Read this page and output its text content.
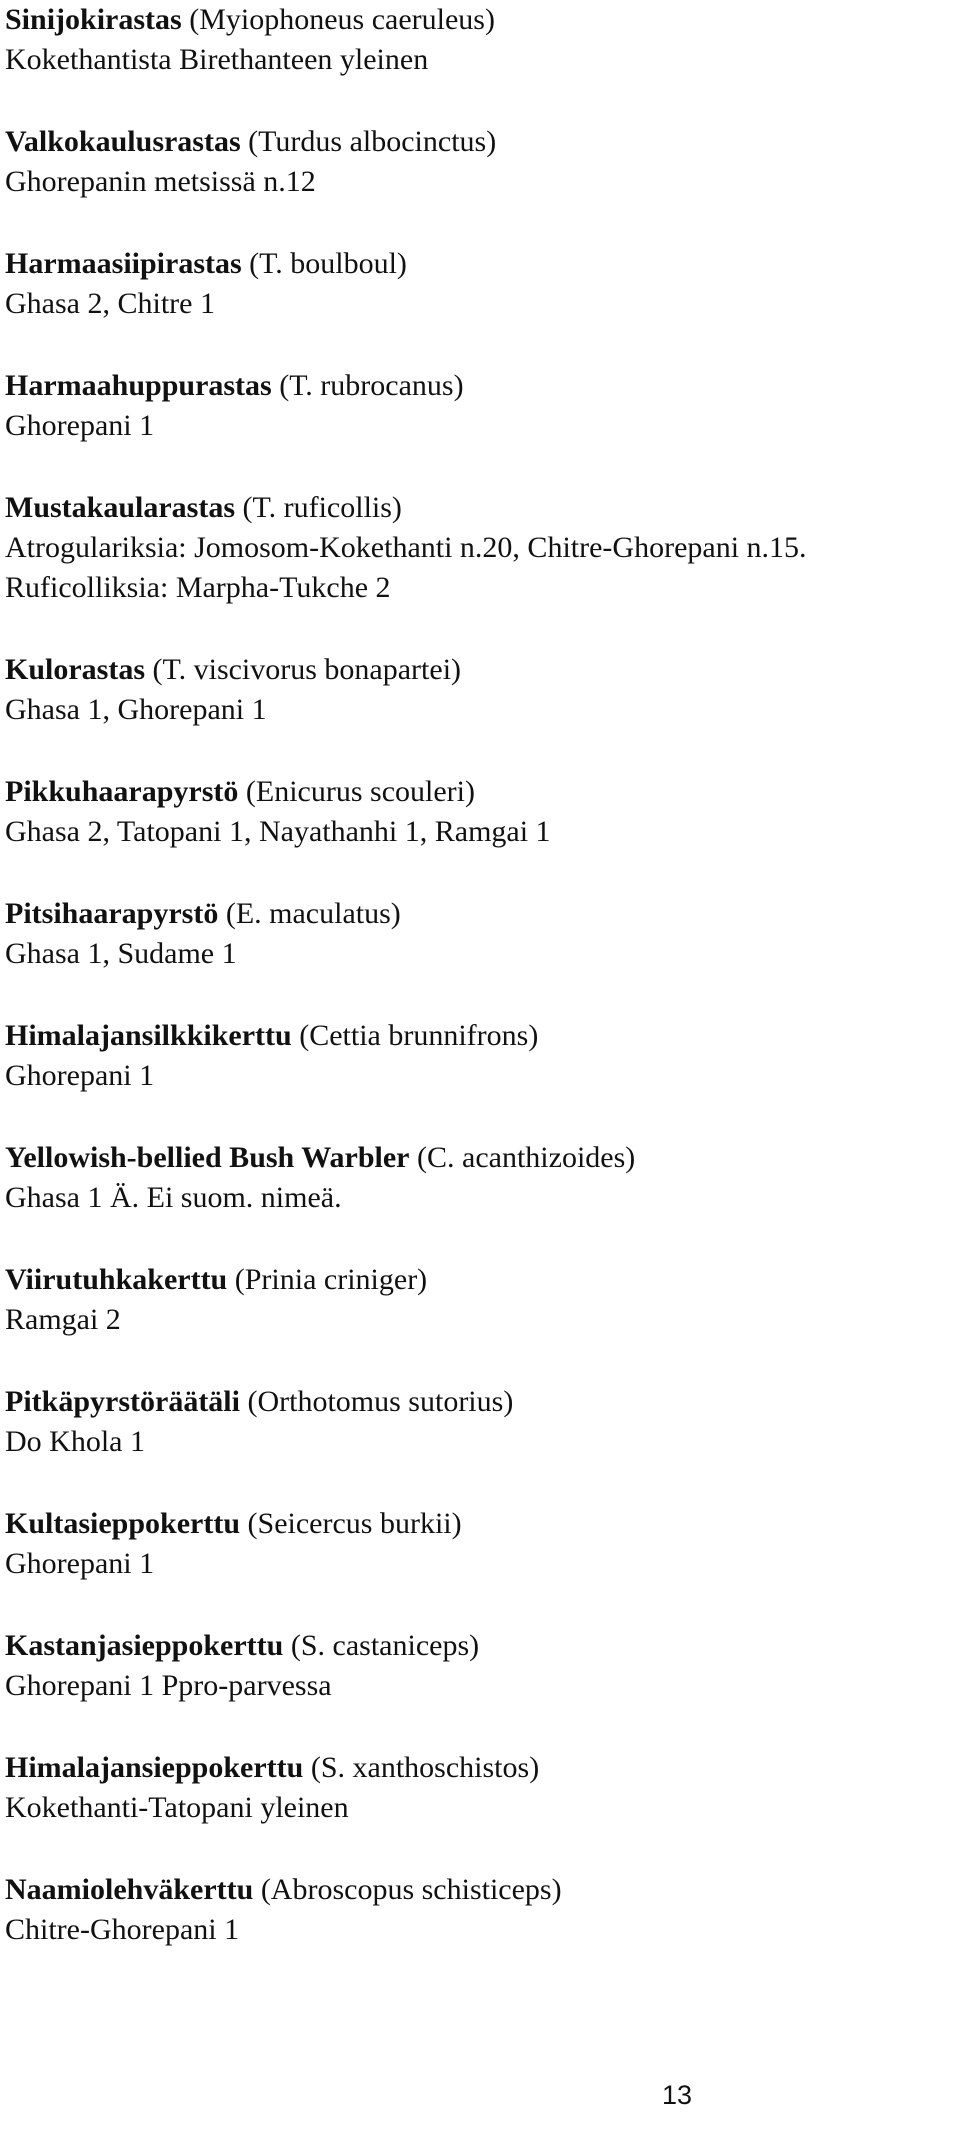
Sinijokirastas (Myiophoneus caeruleus)
Kokethantista Birethanteen yleinen
Valkokaulusrastas (Turdus albocinctus)
Ghorepanin metsissä n.12
Harmaasiipirastas (T. boulboul)
Ghasa 2, Chitre 1
Harmaahuppurastas (T. rubrocanus)
Ghorepani 1
Mustakaularastas (T. ruficollis)
Atrogulariksia: Jomosom-Kokethanti n.20, Chitre-Ghorepani n.15.
Ruficolliksia: Marpha-Tukche 2
Kulorastas (T. viscivorus bonapartei)
Ghasa 1, Ghorepani 1
Pikkuhaarapyrstö (Enicurus scouleri)
Ghasa 2, Tatopani 1, Nayathanhi 1, Ramgai 1
Pitsihaarapyrstö (E. maculatus)
Ghasa 1, Sudame 1
Himalajansilkkikerttu (Cettia brunnifrons)
Ghorepani 1
Yellowish-bellied Bush Warbler (C. acanthizoides)
Ghasa 1 Ä. Ei suom. nimeä.
Viirutuhkakerttu (Prinia criniger)
Ramgai 2
Pitkäpyrstöräätäli (Orthotomus sutorius)
Do Khola 1
Kultasieppokerttu (Seicercus burkii)
Ghorepani 1
Kastanjasieppokerttu (S. castaniceps)
Ghorepani 1 Ppro-parvessa
Himalajansieppokerttu (S. xanthoschistos)
Kokethanti-Tatopani yleinen
Naamiolehväkerttu (Abroscopus schisticeps)
Chitre-Ghorepani 1
13
